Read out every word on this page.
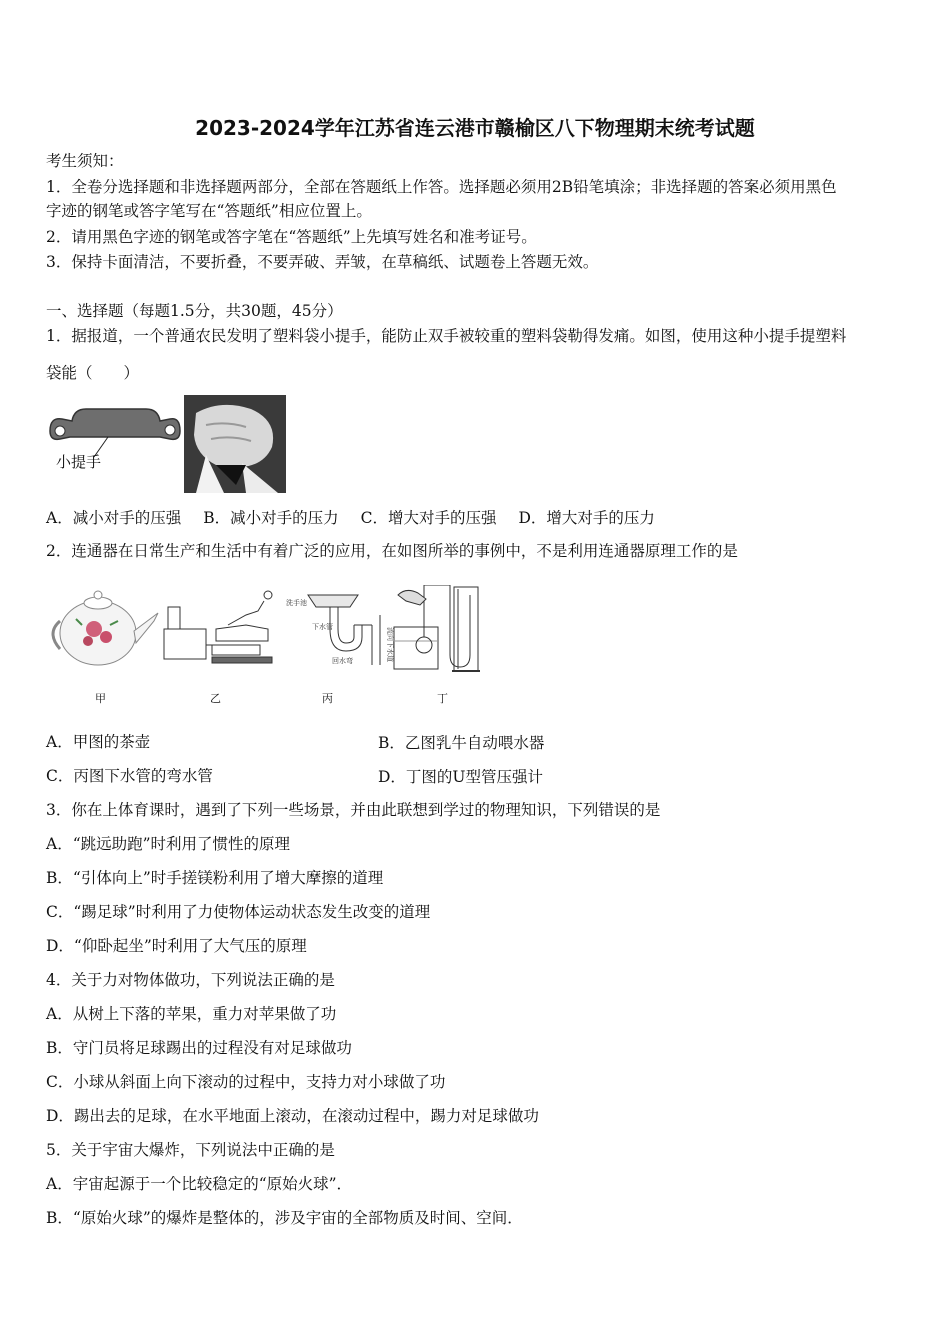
2023-2024学年江苏省连云港市赣榆区八下物理期末统考试题
考生须知：
1．全卷分选择题和非选择题两部分，全部在答题纸上作答。选择题必须用2B铅笔填涂；非选择题的答案必须用黑色
字迹的钢笔或答字笔写在“答题纸”相应位置上。
2．请用黑色字迹的钢笔或答字笔在“答题纸”上先填写姓名和准考证号。
3．保持卡面清洁，不要折叠，不要弄破、弄皱，在草稿纸、试题卷上答题无效。
一、选择题（每题1.5分，共30题，45分）
1．据报道，一个普通农民发明了塑料袋小提手，能防止双手被较重的塑料袋勒得发痛。如图，使用这种小提手提塑料
袋能（　　）
小提手
A．减小对手的压强 B．减小对手的压力 C．增大对手的压强 D．增大对手的压力
2．连通器在日常生产和生活中有着广泛的应用，在如图所举的事例中，不是利用连通器原理工作的是
洗手池
下水管
回水弯	流向下水道
甲	乙	丙	丁
A．甲图的茶壶	B．乙图乳牛自动喂水器
C．丙图下水管的弯水管	D．丁图的U型管压强计
3．你在上体育课时，遇到了下列一些场景，并由此联想到学过的物理知识，下列错误的是
A．“跳远助跑”时利用了惯性的原理
B．“引体向上”时手搓镁粉利用了增大摩擦的道理
C．“踢足球”时利用了力使物体运动状态发生改变的道理
D．“仰卧起坐”时利用了大气压的原理
4．关于力对物体做功，下列说法正确的是
A．从树上下落的苹果，重力对苹果做了功
B．守门员将足球踢出的过程没有对足球做功
C．小球从斜面上向下滚动的过程中，支持力对小球做了功
D．踢出去的足球，在水平地面上滚动，在滚动过程中，踢力对足球做功
5．关于宇宙大爆炸，下列说法中正确的是
A．宇宙起源于一个比较稳定的“原始火球”．
B．“原始火球”的爆炸是整体的，涉及宇宙的全部物质及时间、空间．
